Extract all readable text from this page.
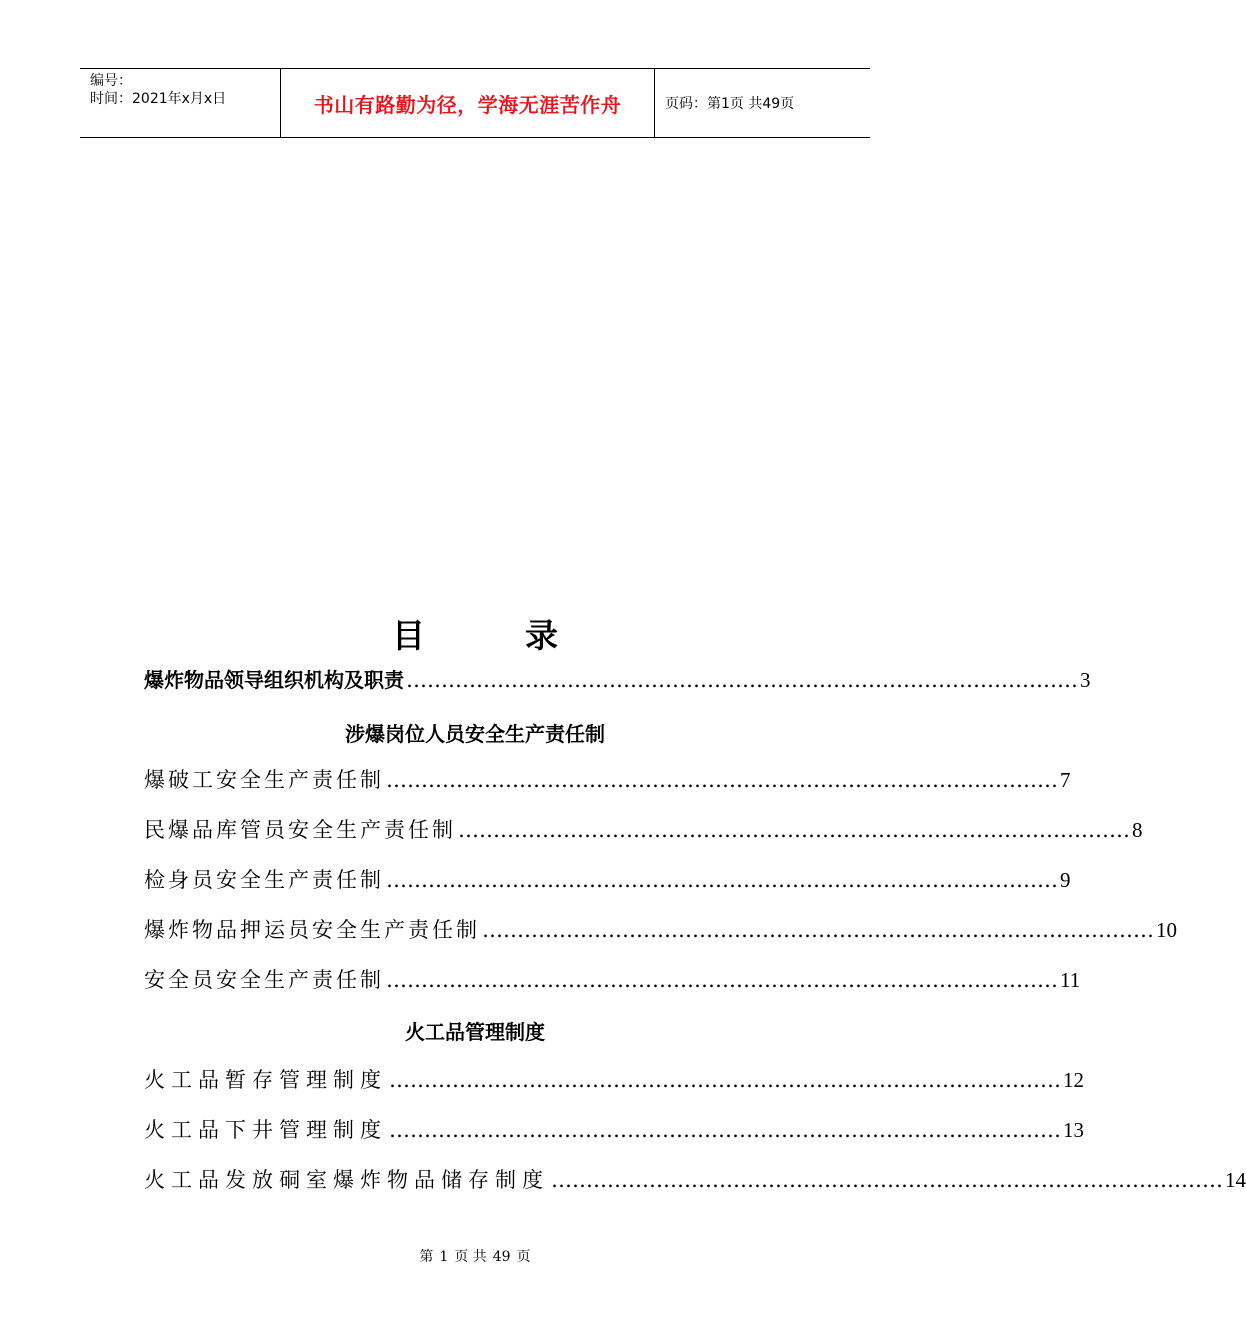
编号：
时间：2021年x月x日	书山有路勤为径，学海无涯苦作舟	页码：第1页 共49页
目	录
爆炸物品领导组织机构及职责 …………………………………………………………………………………… 3
涉爆岗位人员安全生产责任制
爆破工安全生产责任制 …………………………………………………………………………………… 7
民爆品库管员安全生产责任制 …………………………………………………………………………………… 8
检身员安全生产责任制 …………………………………………………………………………………… 9
爆炸物品押运员安全生产责任制 …………………………………………………………………………………… 10
安全员安全生产责任制 …………………………………………………………………………………… 11
火工品管理制度
火工品暂存管理制度 …………………………………………………………………………………… 12
火工品下井管理制度 …………………………………………………………………………………… 13
火工品发放硐室爆炸物品储存制度 …………………………………………………………………………………… 14
第 1 页 共 49 页
